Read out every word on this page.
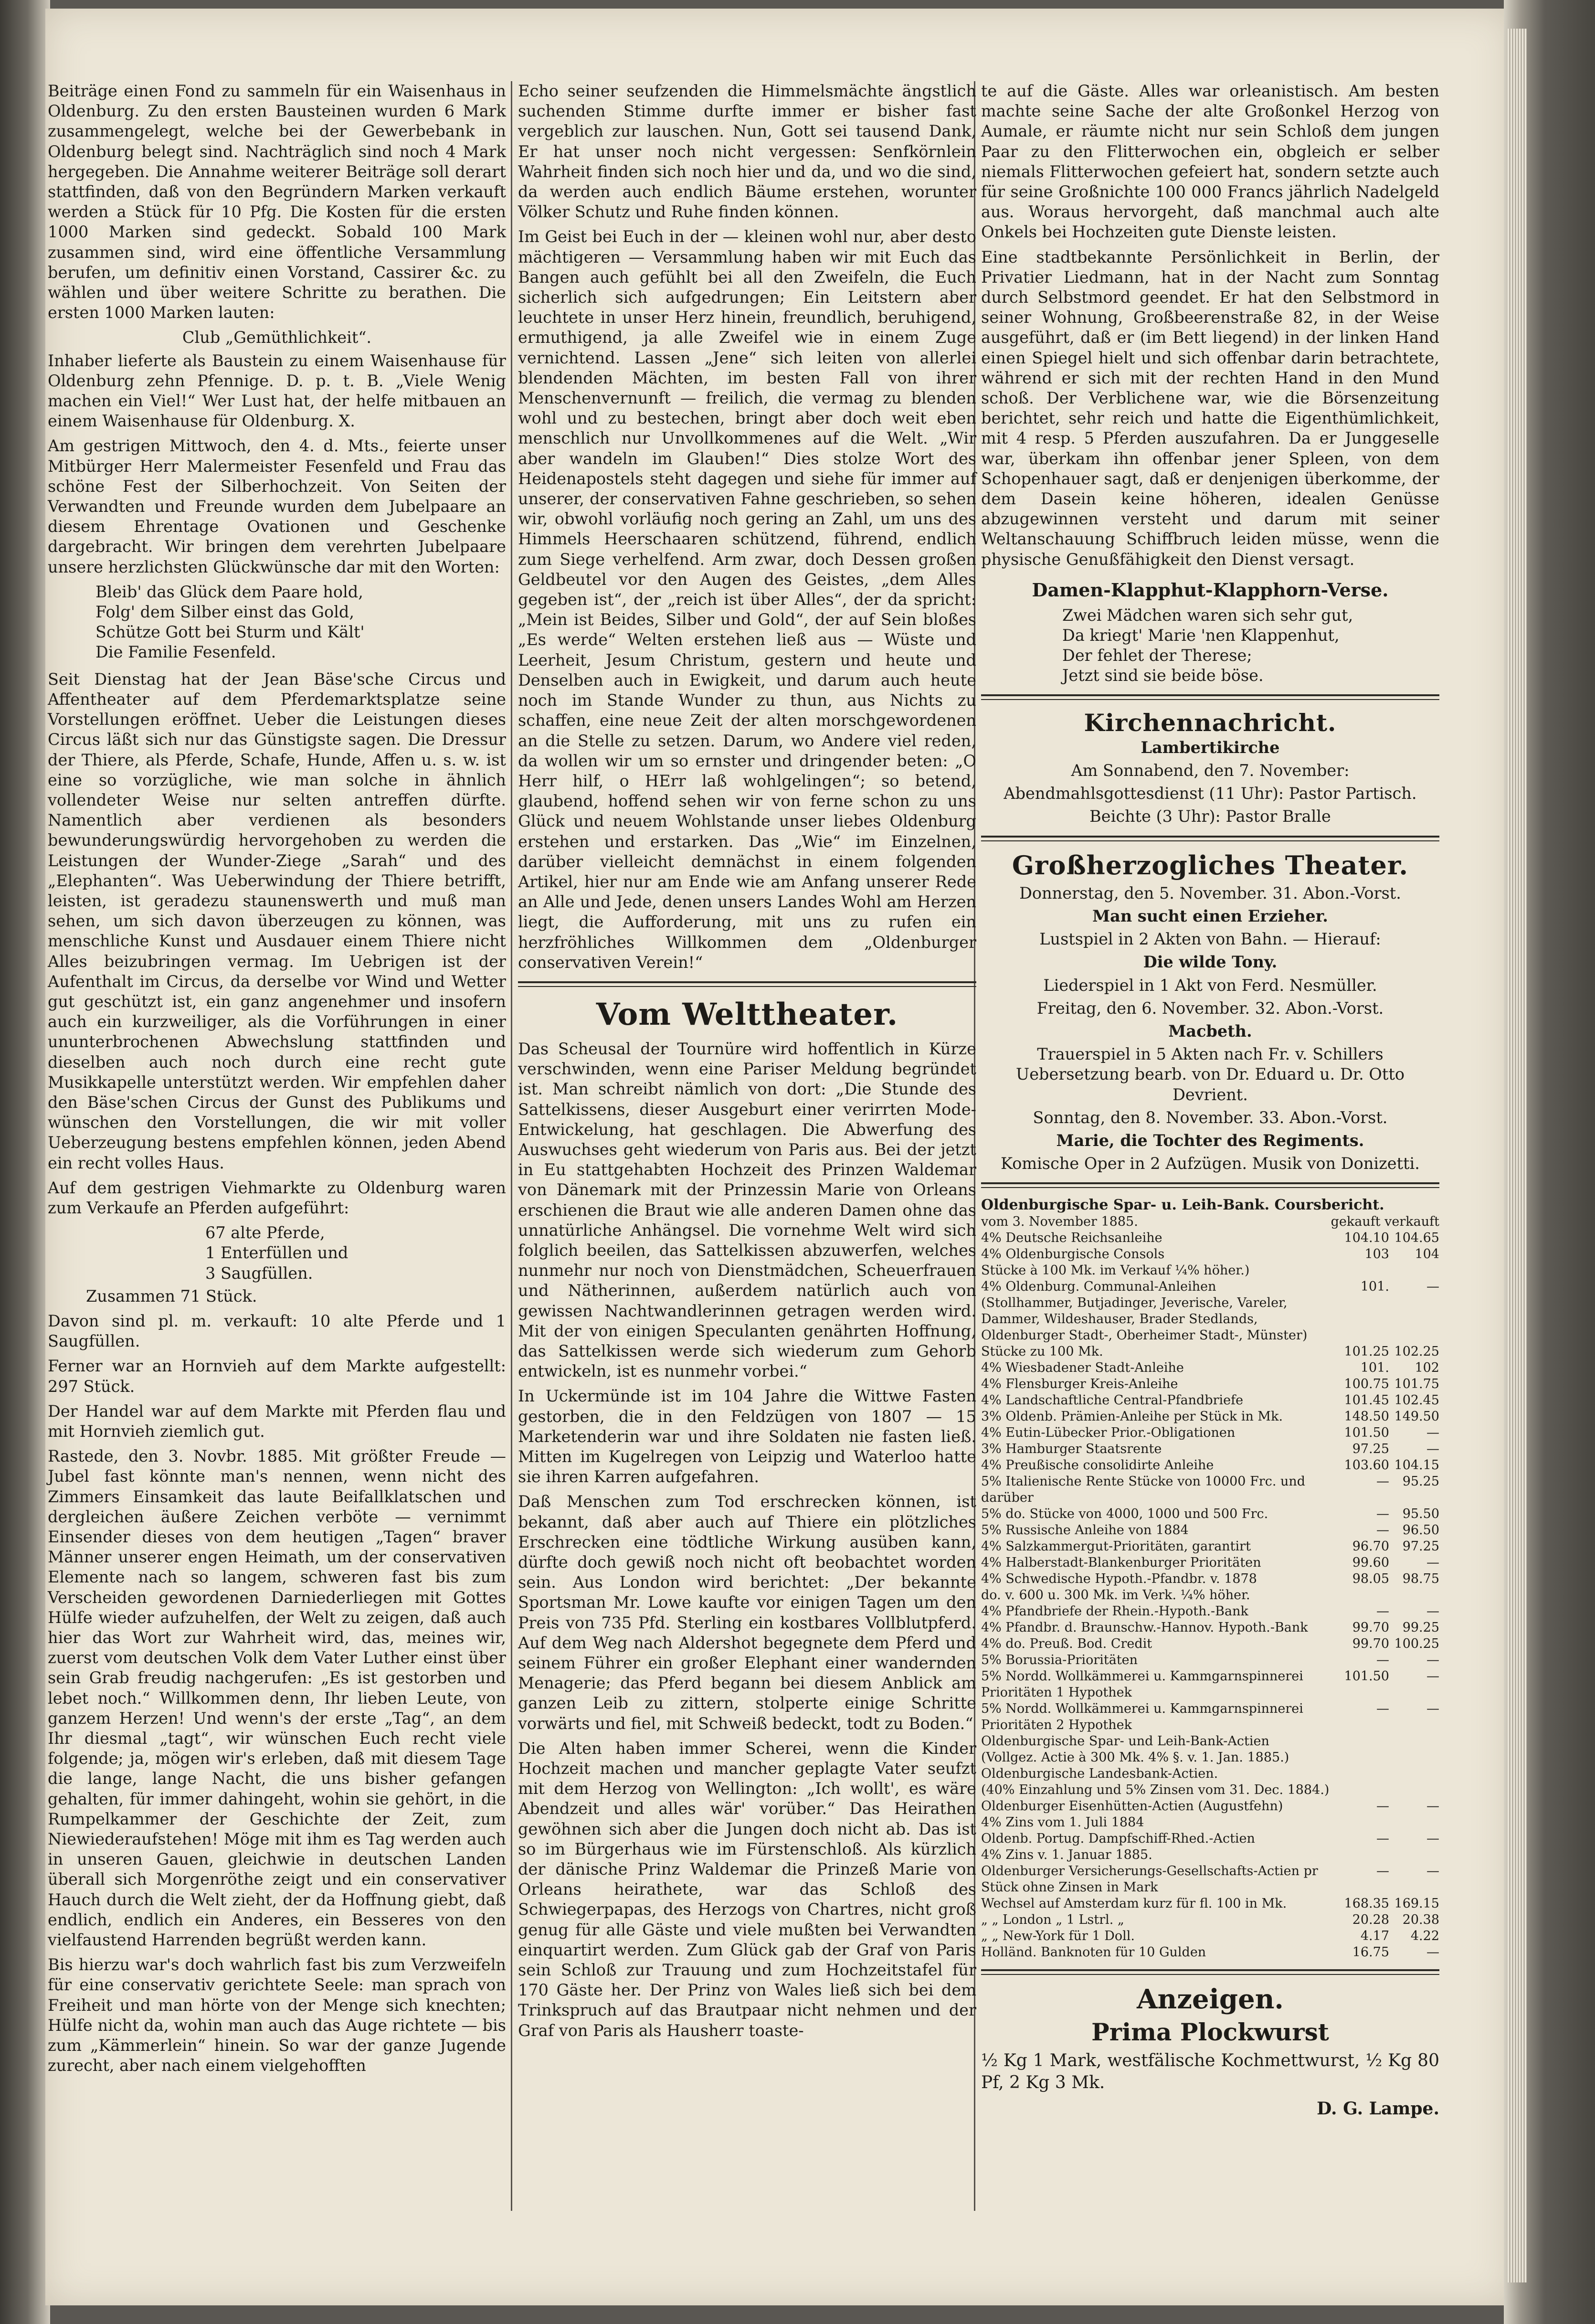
Beiträge einen Fond zu sammeln für ein Waisenhaus in Oldenburg. Zu den ersten Bausteinen wurden 6 Mark zusammengelegt, welche bei der Gewerbebank in Oldenburg belegt sind. Nachträglich sind noch 4 Mark hergegeben. Die Annahme weiterer Beiträge soll derart stattfinden, daß von den Begründern Marken verkauft werden a Stück für 10 Pfg. Die Kosten für die ersten 1000 Marken sind gedeckt. Sobald 100 Mark zusammen sind, wird eine öffentliche Versammlung berufen, um definitiv einen Vorstand, Cassirer &c. zu wählen und über weitere Schritte zu berathen. Die ersten 1000 Marken lauten:

Club „Gemüthlichkeit“.

Inhaber lieferte als Baustein zu einem Waisenhause für Oldenburg zehn Pfennige. D. p. t. B. „Viele Wenig machen ein Viel!“ Wer Lust hat, der helfe mitbauen an einem Waisenhause für Oldenburg. X.

Am gestrigen Mittwoch, den 4. d. Mts., feierte unser Mitbürger Herr Malermeister Fesenfeld und Frau das schöne Fest der Silberhochzeit. Von Seiten der Verwandten und Freunde wurden dem Jubelpaare an diesem Ehrentage Ovationen und Geschenke dargebracht. Wir bringen dem verehrten Jubelpaare unsere herzlichsten Glückwünsche dar mit den Worten:

Bleib' das Glück dem Paare hold,

Folg' dem Silber einst das Gold,

Schütze Gott bei Sturm und Kält'

Die Familie Fesenfeld.

Seit Dienstag hat der Jean Bäse'sche Circus und Affentheater auf dem Pferdemarktsplatze seine Vorstellungen eröffnet. Ueber die Leistungen dieses Circus läßt sich nur das Günstigste sagen. Die Dressur der Thiere, als Pferde, Schafe, Hunde, Affen u. s. w. ist eine so vorzügliche, wie man solche in ähnlich vollendeter Weise nur selten antreffen dürfte. Namentlich aber verdienen als besonders bewunderungswürdig hervorgehoben zu werden die Leistungen der Wunder-Ziege „Sarah“ und des „Elephanten“. Was Ueberwindung der Thiere betrifft, leisten, ist geradezu staunenswerth und muß man sehen, um sich davon überzeugen zu können, was menschliche Kunst und Ausdauer einem Thiere nicht Alles beizubringen vermag. Im Uebrigen ist der Aufenthalt im Circus, da derselbe vor Wind und Wetter gut geschützt ist, ein ganz angenehmer und insofern auch ein kurzweiliger, als die Vorführungen in einer ununterbrochenen Abwechslung stattfinden und dieselben auch noch durch eine recht gute Musikkapelle unterstützt werden. Wir empfehlen daher den Bäse'schen Circus der Gunst des Publikums und wünschen den Vorstellungen, die wir mit voller Ueberzeugung bestens empfehlen können, jeden Abend ein recht volles Haus.

Auf dem gestrigen Viehmarkte zu Oldenburg waren zum Verkaufe an Pferden aufgeführt:

67 alte Pferde,

1 Enterfüllen und

3 Saugfüllen.

Zusammen 71 Stück.

Davon sind pl. m. verkauft: 10 alte Pferde und 1 Saugfüllen.

Ferner war an Hornvieh auf dem Markte aufgestellt: 297 Stück.

Der Handel war auf dem Markte mit Pferden flau und mit Hornvieh ziemlich gut.

Rastede, den 3. Novbr. 1885. Mit größter Freude — Jubel fast könnte man's nennen, wenn nicht des Zimmers Einsamkeit das laute Beifallklatschen und dergleichen äußere Zeichen verböte — vernimmt Einsender dieses von dem heutigen „Tagen“ braver Männer unserer engen Heimath, um der conservativen Elemente nach so langem, schweren fast bis zum Verscheiden gewordenen Darniederliegen mit Gottes Hülfe wieder aufzuhelfen, der Welt zu zeigen, daß auch hier das Wort zur Wahrheit wird, das, meines wir, zuerst vom deutschen Volk dem Vater Luther einst über sein Grab freudig nachgerufen: „Es ist gestorben und lebet noch.“ Willkommen denn, Ihr lieben Leute, von ganzem Herzen! Und wenn's der erste „Tag“, an dem Ihr diesmal „tagt“, wir wünschen Euch recht viele folgende; ja, mögen wir's erleben, daß mit diesem Tage die lange, lange Nacht, die uns bisher gefangen gehalten, für immer dahingeht, wohin sie gehört, in die Rumpelkammer der Geschichte der Zeit, zum Niewiederaufstehen! Möge mit ihm es Tag werden auch in unseren Gauen, gleichwie in deutschen Landen überall sich Morgenröthe zeigt und ein conservativer Hauch durch die Welt zieht, der da Hoffnung giebt, daß endlich, endlich ein Anderes, ein Besseres von den vielfaustend Harrenden begrüßt werden kann.

Bis hierzu war's doch wahrlich fast bis zum Verzweifeln für eine conservativ gerichtete Seele: man sprach von Freiheit und man hörte von der Menge sich knechten; Hülfe nicht da, wohin man auch das Auge richtete — bis zum „Kämmerlein“ hinein. So war der ganze Jugende zurecht, aber nach einem vielgehofften

Echo seiner seufzenden die Himmelsmächte ängstlich suchenden Stimme durfte immer er bisher fast vergeblich zur lauschen. Nun, Gott sei tausend Dank, Er hat unser noch nicht vergessen: Senfkörnlein Wahrheit finden sich noch hier und da, und wo die sind, da werden auch endlich Bäume erstehen, worunter Völker Schutz und Ruhe finden können.

Im Geist bei Euch in der — kleinen wohl nur, aber desto mächtigeren — Versammlung haben wir mit Euch das Bangen auch gefühlt bei all den Zweifeln, die Euch sicherlich sich aufgedrungen; Ein Leitstern aber leuchtete in unser Herz hinein, freundlich, beruhigend, ermuthigend, ja alle Zweifel wie in einem Zuge vernichtend. Lassen „Jene“ sich leiten von allerlei blendenden Mächten, im besten Fall von ihrer Menschenvernunft — freilich, die vermag zu blenden wohl und zu bestechen, bringt aber doch weit eben menschlich nur Unvollkommenes auf die Welt. „Wir aber wandeln im Glauben!“ Dies stolze Wort des Heidenapostels steht dagegen und siehe für immer auf unserer, der conservativen Fahne geschrieben, so sehen wir, obwohl vorläufig noch gering an Zahl, um uns des Himmels Heerschaaren schützend, führend, endlich zum Siege verhelfend. Arm zwar, doch Dessen großen Geldbeutel vor den Augen des Geistes, „dem Alles gegeben ist“, der „reich ist über Alles“, der da spricht: „Mein ist Beides, Silber und Gold“, der auf Sein bloßes „Es werde“ Welten erstehen ließ aus — Wüste und Leerheit, Jesum Christum, gestern und heute und Denselben auch in Ewigkeit, und darum auch heute noch im Stande Wunder zu thun, aus Nichts zu schaffen, eine neue Zeit der alten morschgewordenen an die Stelle zu setzen. Darum, wo Andere viel reden, da wollen wir um so ernster und dringender beten: „O Herr hilf, o HErr laß wohlgelingen“; so betend, glaubend, hoffend sehen wir von ferne schon zu uns Glück und neuem Wohlstande unser liebes Oldenburg erstehen und erstarken. Das „Wie“ im Einzelnen, darüber vielleicht demnächst in einem folgenden Artikel, hier nur am Ende wie am Anfang unserer Rede an Alle und Jede, denen unsers Landes Wohl am Herzen liegt, die Aufforderung, mit uns zu rufen ein herzfröhliches Willkommen dem „Oldenburger conservativen Verein!“

Vom Welttheater.

Das Scheusal der Tournüre wird hoffentlich in Kürze verschwinden, wenn eine Pariser Meldung begründet ist. Man schreibt nämlich von dort: „Die Stunde des Sattelkissens, dieser Ausgeburt einer verirrten Mode-Entwickelung, hat geschlagen. Die Abwerfung des Auswuchses geht wiederum von Paris aus. Bei der jetzt in Eu stattgehabten Hochzeit des Prinzen Waldemar von Dänemark mit der Prinzessin Marie von Orleans erschienen die Braut wie alle anderen Damen ohne das unnatürliche Anhängsel. Die vornehme Welt wird sich folglich beeilen, das Sattelkissen abzuwerfen, welches nunmehr nur noch von Dienstmädchen, Scheuerfrauen und Nätherinnen, außerdem natürlich auch von gewissen Nachtwandlerinnen getragen werden wird. Mit der von einigen Speculanten genährten Hoffnung, das Sattelkissen werde sich wiederum zum Gehorb entwickeln, ist es nunmehr vorbei.“

In Uckermünde ist im 104 Jahre die Wittwe Fasten gestorben, die in den Feldzügen von 1807 — 15 Marketenderin war und ihre Soldaten nie fasten ließ. Mitten im Kugelregen von Leipzig und Waterloo hatte sie ihren Karren aufgefahren.

Daß Menschen zum Tod erschrecken können, ist bekannt, daß aber auch auf Thiere ein plötzliches Erschrecken eine tödtliche Wirkung ausüben kann, dürfte doch gewiß noch nicht oft beobachtet worden sein. Aus London wird berichtet: „Der bekannte Sportsman Mr. Lowe kaufte vor einigen Tagen um den Preis von 735 Pfd. Sterling ein kostbares Vollblutpferd. Auf dem Weg nach Aldershot begegnete dem Pferd und seinem Führer ein großer Elephant einer wandernden Menagerie; das Pferd begann bei diesem Anblick am ganzen Leib zu zittern, stolperte einige Schritte vorwärts und fiel, mit Schweiß bedeckt, todt zu Boden.“

Die Alten haben immer Scherei, wenn die Kinder Hochzeit machen und mancher geplagte Vater seufzt mit dem Herzog von Wellington: „Ich wollt', es wäre Abendzeit und alles wär' vorüber.“ Das Heirathen gewöhnen sich aber die Jungen doch nicht ab. Das ist so im Bürgerhaus wie im Fürstenschloß. Als kürzlich der dänische Prinz Waldemar die Prinzeß Marie von Orleans heirathete, war das Schloß des Schwiegerpapas, des Herzogs von Chartres, nicht groß genug für alle Gäste und viele mußten bei Verwandten einquartirt werden. Zum Glück gab der Graf von Paris sein Schloß zur Trauung und zum Hochzeitstafel für 170 Gäste her. Der Prinz von Wales ließ sich bei dem Trinkspruch auf das Brautpaar nicht nehmen und der Graf von Paris als Hausherr toaste-

te auf die Gäste. Alles war orleanistisch. Am besten machte seine Sache der alte Großonkel Herzog von Aumale, er räumte nicht nur sein Schloß dem jungen Paar zu den Flitterwochen ein, obgleich er selber niemals Flitterwochen gefeiert hat, sondern setzte auch für seine Großnichte 100 000 Francs jährlich Nadelgeld aus. Woraus hervorgeht, daß manchmal auch alte Onkels bei Hochzeiten gute Dienste leisten.

Eine stadtbekannte Persönlichkeit in Berlin, der Privatier Liedmann, hat in der Nacht zum Sonntag durch Selbstmord geendet. Er hat den Selbstmord in seiner Wohnung, Großbeerenstraße 82, in der Weise ausgeführt, daß er (im Bett liegend) in der linken Hand einen Spiegel hielt und sich offenbar darin betrachtete, während er sich mit der rechten Hand in den Mund schoß. Der Verblichene war, wie die Börsenzeitung berichtet, sehr reich und hatte die Eigenthümlichkeit, mit 4 resp. 5 Pferden auszufahren. Da er Junggeselle war, überkam ihn offenbar jener Spleen, von dem Schopenhauer sagt, daß er denjenigen überkomme, der dem Dasein keine höheren, idealen Genüsse abzugewinnen versteht und darum mit seiner Weltanschauung Schiffbruch leiden müsse, wenn die physische Genußfähigkeit den Dienst versagt.

Damen-Klapphut-Klapphorn-Verse.
Zwei Mädchen waren sich sehr gut,
Da kriegt' Marie 'nen Klappenhut,
Der fehlet der Therese;
Jetzt sind sie beide böse.
Kirchennachricht.

Lambertikirche

Am Sonnabend, den 7. November:

Abendmahlsgottesdienst (11 Uhr): Pastor Partisch.

Beichte (3 Uhr): Pastor Bralle

Großherzogliches Theater.

Donnerstag, den 5. November. 31. Abon.-Vorst.

Man sucht einen Erzieher.

Lustspiel in 2 Akten von Bahn. — Hierauf:

Die wilde Tony.

Liederspiel in 1 Akt von Ferd. Nesmüller.

Freitag, den 6. November. 32. Abon.-Vorst.

Macbeth.

Trauerspiel in 5 Akten nach Fr. v. Schillers Uebersetzung bearb. von Dr. Eduard u. Dr. Otto Devrient.

Sonntag, den 8. November. 33. Abon.-Vorst.

Marie, die Tochter des Regiments.

Komische Oper in 2 Aufzügen. Musik von Donizetti.

Oldenburgische Spar- u. Leih-Bank. Coursbericht.
vom 3. November 1885.	gekauft verkauft
4% Deutsche Reichsanleihe	104.10	104.65
4% Oldenburgische Consols	103	104
Stücke à 100 Mk. im Verkauf ¼% höher.)		
4% Oldenburg. Communal-Anleihen	101.	—
(Stollhammer, Butjadinger, Jeverische, Vareler, Dammer, Wildeshauser, Brader Stedlands, Oldenburger Stadt-, Oberheimer Stadt-, Münster)		
Stücke zu 100 Mk.	101.25	102.25
4% Wiesbadener Stadt-Anleihe	101.	102
4% Flensburger Kreis-Anleihe	100.75	101.75
4% Landschaftliche Central-Pfandbriefe	101.45	102.45
3% Oldenb. Prämien-Anleihe per Stück in Mk.	148.50	149.50
4% Eutin-Lübecker Prior.-Obligationen	101.50	—
3% Hamburger Staatsrente	97.25	—
4% Preußische consolidirte Anleihe	103.60	104.15
5% Italienische Rente Stücke von 10000 Frc. und darüber	—	95.25
5% do. Stücke von 4000, 1000 und 500 Frc.	—	95.50
5% Russische Anleihe von 1884	—	96.50
4% Salzkammergut-Prioritäten, garantirt	96.70	97.25
4% Halberstadt-Blankenburger Prioritäten	99.60	—
4% Schwedische Hypoth.-Pfandbr. v. 1878	98.05	98.75
do. v. 600 u. 300 Mk. im Verk. ¼% höher.		
4% Pfandbriefe der Rhein.-Hypoth.-Bank	—	—
4% Pfandbr. d. Braunschw.-Hannov. Hypoth.-Bank	99.70	99.25
4% do. Preuß. Bod. Credit	99.70	100.25
5% Borussia-Prioritäten	—	—
5% Nordd. Wollkämmerei u. Kammgarnspinnerei Prioritäten 1 Hypothek	101.50	—
5% Nordd. Wollkämmerei u. Kammgarnspinnerei Prioritäten 2 Hypothek	—	—
Oldenburgische Spar- und Leih-Bank-Actien		
(Vollgez. Actie à 300 Mk. 4% §. v. 1. Jan. 1885.)		
Oldenburgische Landesbank-Actien.		
(40% Einzahlung und 5% Zinsen vom 31. Dec. 1884.)		
Oldenburger Eisenhütten-Actien (Augustfehn)	—	—
4% Zins vom 1. Juli 1884		
Oldenb. Portug. Dampfschiff-Rhed.-Actien	—	—
4% Zins v. 1. Januar 1885.		
Oldenburger Versicherungs-Gesellschafts-Actien pr Stück ohne Zinsen in Mark	—	—
Wechsel auf Amsterdam kurz für fl. 100 in Mk.	168.35	169.15
„ „ London „ 1 Lstrl. „	20.28	20.38
„ „ New-York für 1 Doll.	4.17	4.22
Holländ. Banknoten für 10 Gulden	16.75	—
Anzeigen.
Prima Plockwurst

½ Kg 1 Mark, westfälische Kochmettwurst, ½ Kg 80 Pf, 2 Kg 3 Mk.

D. G. Lampe.
